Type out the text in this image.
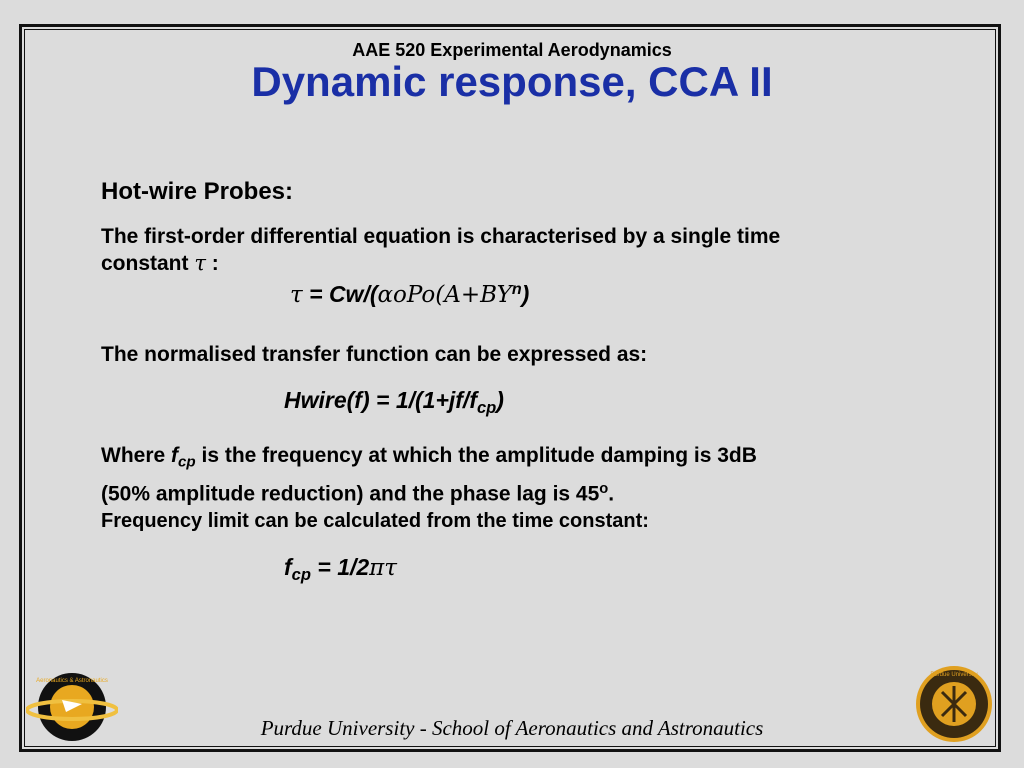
AAE 520 Experimental Aerodynamics
Dynamic response, CCA II
Hot-wire Probes:
The first-order differential equation is characterised by a single time
constant τ :
$\tau = Cw/(\alpha oPo(A+BY^n)$
The normalised transfer function can be expressed as:
Hwire(f) = $1/(1+jf/f_{cp})$
Where $f_{cp}$ is the frequency at which the amplitude damping is 3dB
(50% amplitude reduction) and the phase lag is 45$^o$.
Frequency limit can be calculated from the time constant:
$f_{cp} = 1/2\pi\tau$
Aeronautics & Astronautics
Purdue University
Purdue University - School of Aeronautics and Astronautics
